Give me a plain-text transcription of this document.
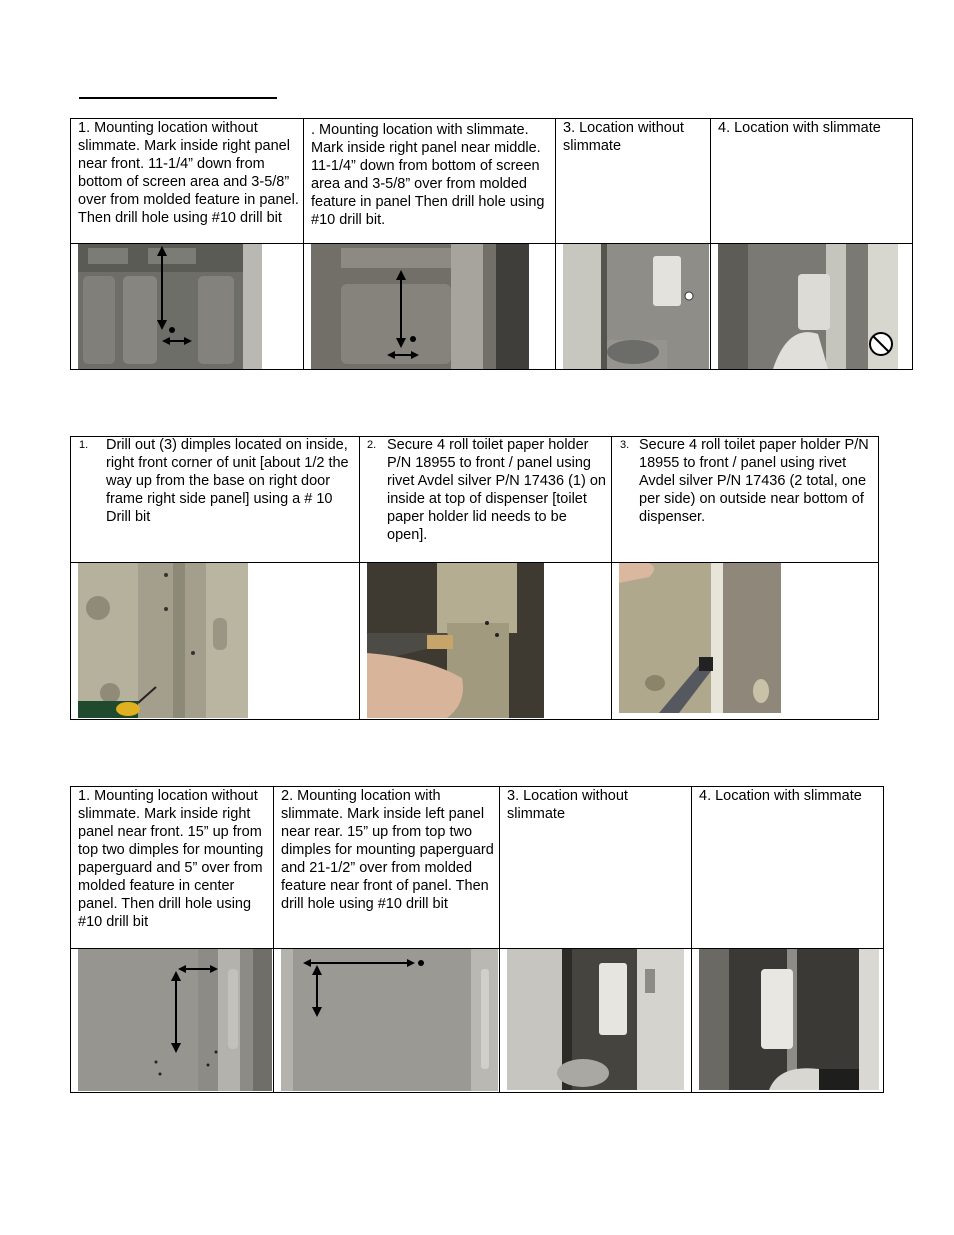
1. Mounting location without slimmate. Mark inside right panel near front. 11-1/4” down from bottom of screen area and 3-5/8” over from molded feature in panel. Then drill hole using #10 drill bit
. Mounting location with slimmate. Mark inside right panel near middle. 11-1/4” down from bottom of screen area and 3-5/8” over from molded feature in panel Then drill hole using #10 drill bit.
3. Location without slimmate
4. Location with slimmate
1. Drill out (3) dimples located on inside, right front corner of unit [about 1/2 the way up from the base on right door frame right side panel] using a # 10 Drill bit
2. Secure 4 roll toilet paper holder P/N 18955 to front / panel using rivet Avdel silver P/N 17436 (1) on inside at top of dispenser [toilet paper holder lid needs to be open].
3. Secure 4 roll toilet paper holder P/N 18955 to front / panel using rivet Avdel silver P/N 17436 (2 total, one per side) on outside near bottom of dispenser.
1. Mounting location without slimmate. Mark inside right panel near front. 15” up from top two dimples for mounting paperguard and 5” over from molded feature in center panel. Then drill hole using #10 drill bit
2. Mounting location with slimmate. Mark inside left panel near rear. 15” up from top two dimples for mounting paperguard and 21-1/2” over from molded feature near front of panel. Then drill hole using #10 drill bit
3. Location without slimmate
4. Location with slimmate
